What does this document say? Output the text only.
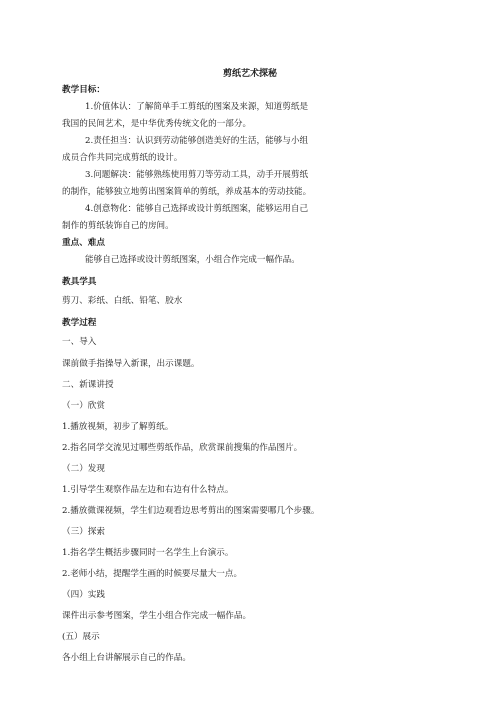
剪纸艺术探秘
教学目标：
1.价值体认：了解简单手工剪纸的图案及来源，知道剪纸是
我国的民间艺术，是中华优秀传统文化的一部分。
2.责任担当：认识到劳动能够创造美好的生活，能够与小组
成员合作共同完成剪纸的设计。
3.问题解决：能够熟练使用剪刀等劳动工具，动手开展剪纸
的制作，能够独立地剪出图案简单的剪纸，养成基本的劳动技能。
4.创意物化：能够自己选择或设计剪纸图案，能够运用自己
制作的剪纸装饰自己的房间。
重点、难点
能够自己选择或设计剪纸图案，小组合作完成一幅作品。
教具学具
剪刀、彩纸、白纸、铅笔、胶水
教学过程
一、导入
课前做手指操导入新课，出示课题。
二、新课讲授
（一）欣赏
1.播放视频，初步了解剪纸。
2.指名同学交流见过哪些剪纸作品，欣赏课前搜集的作品图片。
（二）发现
1.引导学生观察作品左边和右边有什么特点。
2.播放微课视频，学生们边观看边思考剪出的图案需要哪几个步骤。
（三）探索
1.指名学生概括步骤同时一名学生上台演示。
2.老师小结，提醒学生画的时候要尽量大一点。
（四）实践
课件出示参考图案，学生小组合作完成一幅作品。
(五）展示
各小组上台讲解展示自己的作品。
